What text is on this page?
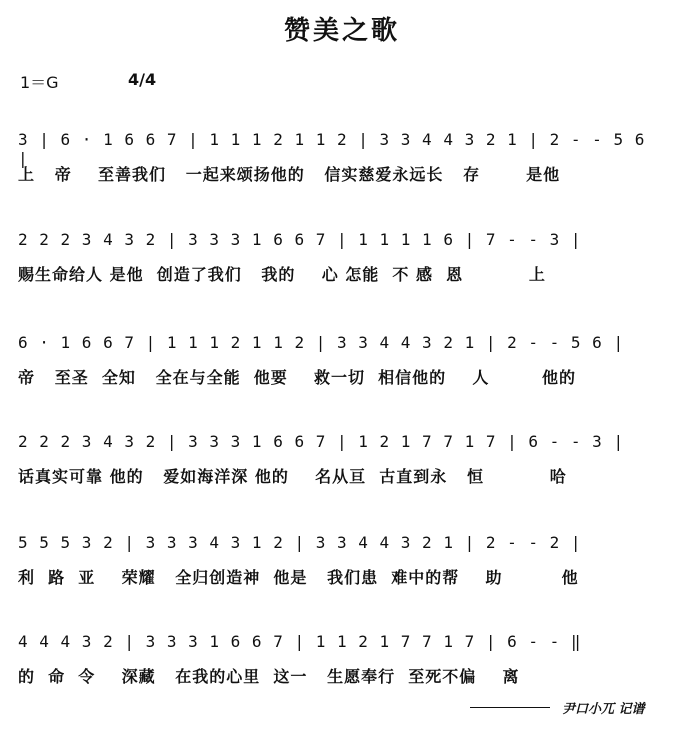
赞美之歌
1＝G	4/4
3 | 6 · 1 6 6 7 | 1 1 1 2 1 1 2 | 3 3 4 4 3 2 1 | 2 - - 5 6 |
上   帝    至善我们   一起来颂扬他的   信实慈爱永远长   存       是他
2 2 2 3 4 3 2 | 3 3 3 1 6 6 7 | 1 1 1 1 6 | 7 - - 3 |
赐生命给人 是他  创造了我们   我的    心 怎能  不 感  恩          上
6 · 1 6 6 7 | 1 1 1 2 1 1 2 | 3 3 4 4 3 2 1 | 2 - - 5 6 |
帝   至圣  全知   全在与全能  他要    救一切  相信他的    人        他的
2 2 2 3 4 3 2 | 3 3 3 1 6 6 7 | 1 2 1 7 7 1 7 | 6 - - 3 |
话真实可靠 他的   爱如海洋深 他的    名从亘  古直到永   恒          哈
5 5 5 3 2 | 3 3 3 4 3 1 2 | 3 3 4 4 3 2 1 | 2 - - 2 |
利  路  亚    荣耀   全归创造神  他是   我们患  难中的帮    助         他
4 4 4 3 2 | 3 3 3 1 6 6 7 | 1 1 2 1 7 7 1 7 | 6 - - ‖
的  命  令    深藏   在我的心里  这一   生愿奉行  至死不偏    离
尹口小兀 记谱
